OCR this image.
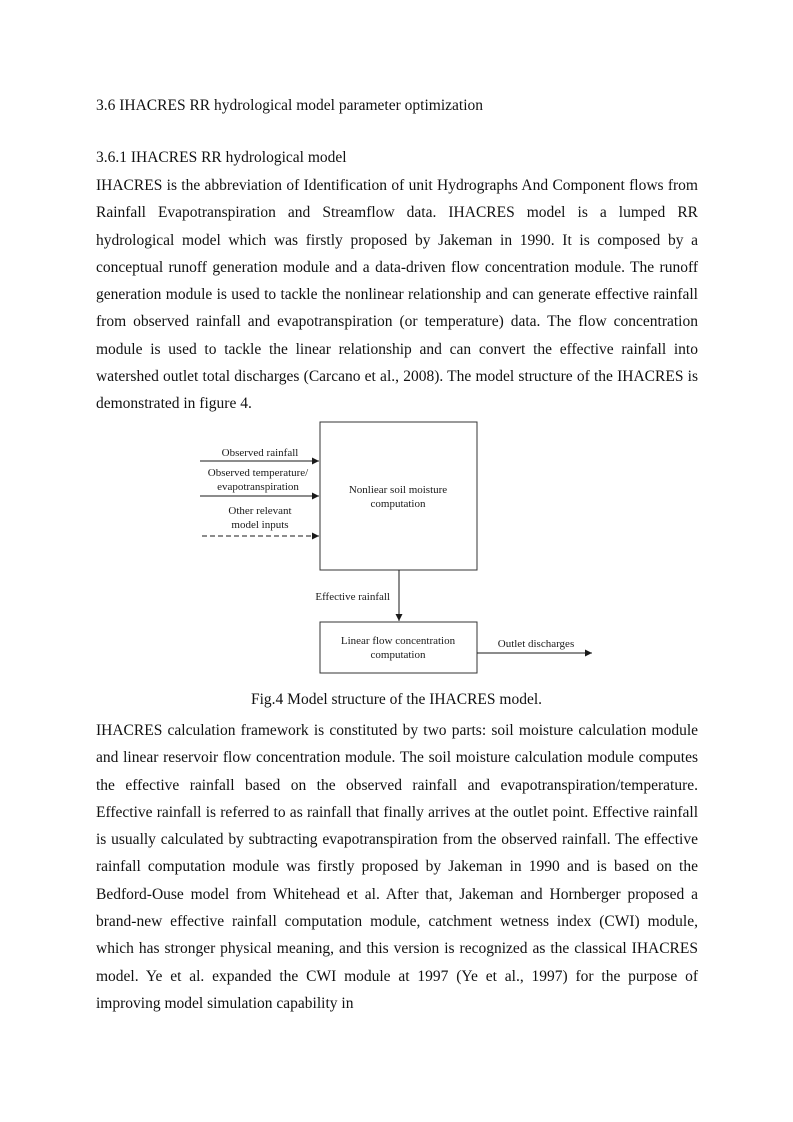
3.6 IHACRES RR hydrological model parameter optimization
3.6.1 IHACRES RR hydrological model
IHACRES is the abbreviation of Identification of unit Hydrographs And Component flows from Rainfall Evapotranspiration and Streamflow data. IHACRES model is a lumped RR hydrological model which was firstly proposed by Jakeman in 1990. It is composed by a conceptual runoff generation module and a data-driven flow concentration module. The runoff generation module is used to tackle the nonlinear relationship and can generate effective rainfall from observed rainfall and evapotranspiration (or temperature) data. The flow concentration module is used to tackle the linear relationship and can convert the effective rainfall into watershed outlet total discharges (Carcano et al., 2008). The model structure of the IHACRES is demonstrated in figure 4.
Nonliear soil moisture
computation
Observed rainfall
Observed temperature/
evapotranspiration
Other relevant
model inputs
Effective rainfall
Linear flow concentration
computation
Outlet discharges
Fig.4 Model structure of the IHACRES model.
IHACRES calculation framework is constituted by two parts: soil moisture calculation module and linear reservoir flow concentration module. The soil moisture calculation module computes the effective rainfall based on the observed rainfall and evapotranspiration/temperature. Effective rainfall is referred to as rainfall that finally arrives at the outlet point. Effective rainfall is usually calculated by subtracting evapotranspiration from the observed rainfall. The effective rainfall computation module was firstly proposed by Jakeman in 1990 and is based on the Bedford-Ouse model from Whitehead et al. After that, Jakeman and Hornberger proposed a brand-new effective rainfall computation module, catchment wetness index (CWI) module, which has stronger physical meaning, and this version is recognized as the classical IHACRES model. Ye et al. expanded the CWI module at 1997 (Ye et al., 1997) for the purpose of improving model simulation capability in
